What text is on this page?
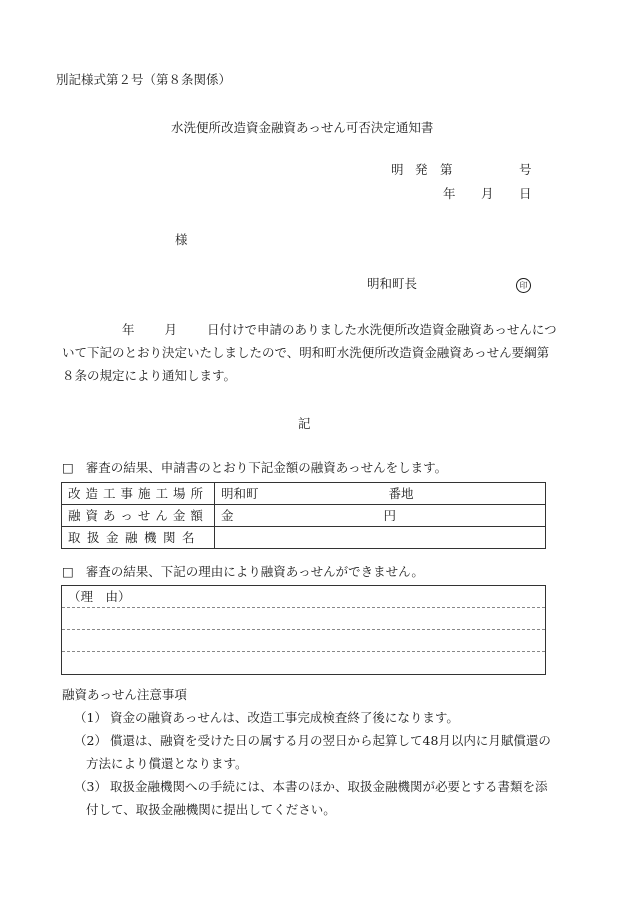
別記様式第２号（第８条関係）
水洗便所改造資金融資あっせん可否決定通知書
明 発 第	号
年 月 日
様
明和町長	印
年 月 日付けで申請のありました水洗便所改造資金融資あっせんにつ
いて下記のとおり決定いたしましたので、明和町水洗便所改造資金融資あっせん要綱第
８条の規定により通知します。
記
□ 審査の結果、申請書のとおり下記金額の融資あっせんをします。
改造工事施工場所	明和町 番地
融資あっせん金額	金 円
取扱金融機関名	
□ 審査の結果、下記の理由により融資あっせんができません。
（理　由）
融資あっせん注意事項
（1） 資金の融資あっせんは、改造工事完成検査終了後になります。
（2） 償還は、融資を受けた日の属する月の翌日から起算して48月以内に月賦償還の
方法により償還となります。
（3） 取扱金融機関への手続には、本書のほか、取扱金融機関が必要とする書類を添
付して、取扱金融機関に提出してください。
